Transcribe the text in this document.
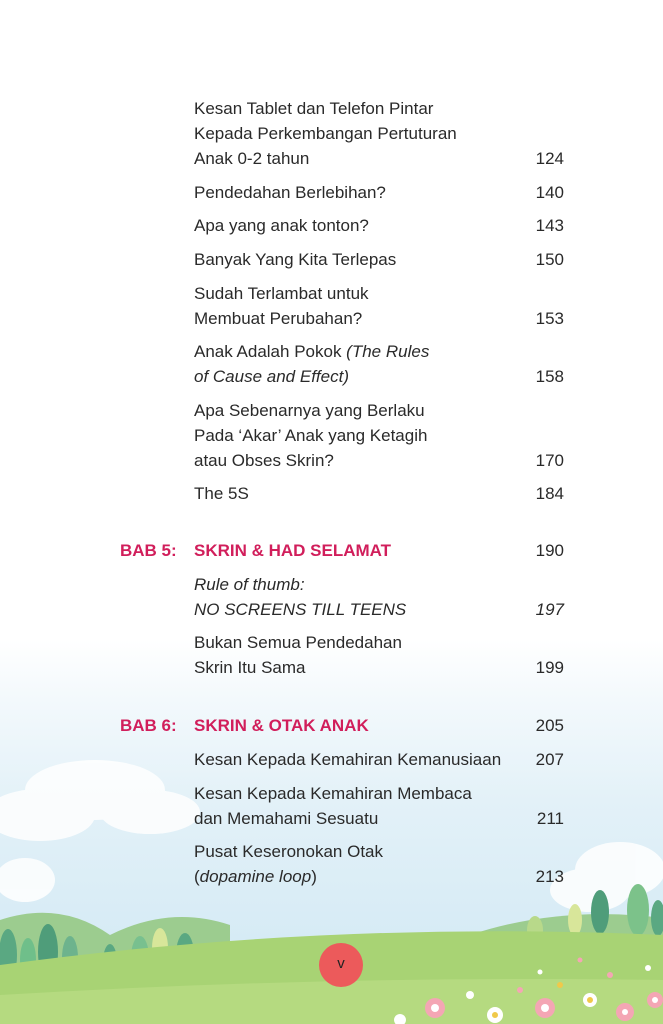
Kesan Tablet dan Telefon Pintar
Kepada Perkembangan Pertuturan
Anak 0-2 tahun	124
Pendedahan Berlebihan?	140
Apa yang anak tonton?	143
Banyak Yang Kita Terlepas	150
Sudah Terlambat untuk
Membuat Perubahan?	153
Anak Adalah Pokok (The Rules
of Cause and Effect)	158
Apa Sebenarnya yang Berlaku
Pada ‘Akar’ Anak yang Ketagih
atau Obses Skrin?	170
The 5S	184
BAB 5: SKRIN & HAD SELAMAT	190
Rule of thumb:
NO SCREENS TILL TEENS	197
Bukan Semua Pendedahan
Skrin Itu Sama	199
BAB 6: SKRIN & OTAK ANAK	205
Kesan Kepada Kemahiran Kemanusiaan	207
Kesan Kepada Kemahiran Membaca
dan Memahami Sesuatu	211
Pusat Keseronokan Otak
(dopamine loop)	213
v
